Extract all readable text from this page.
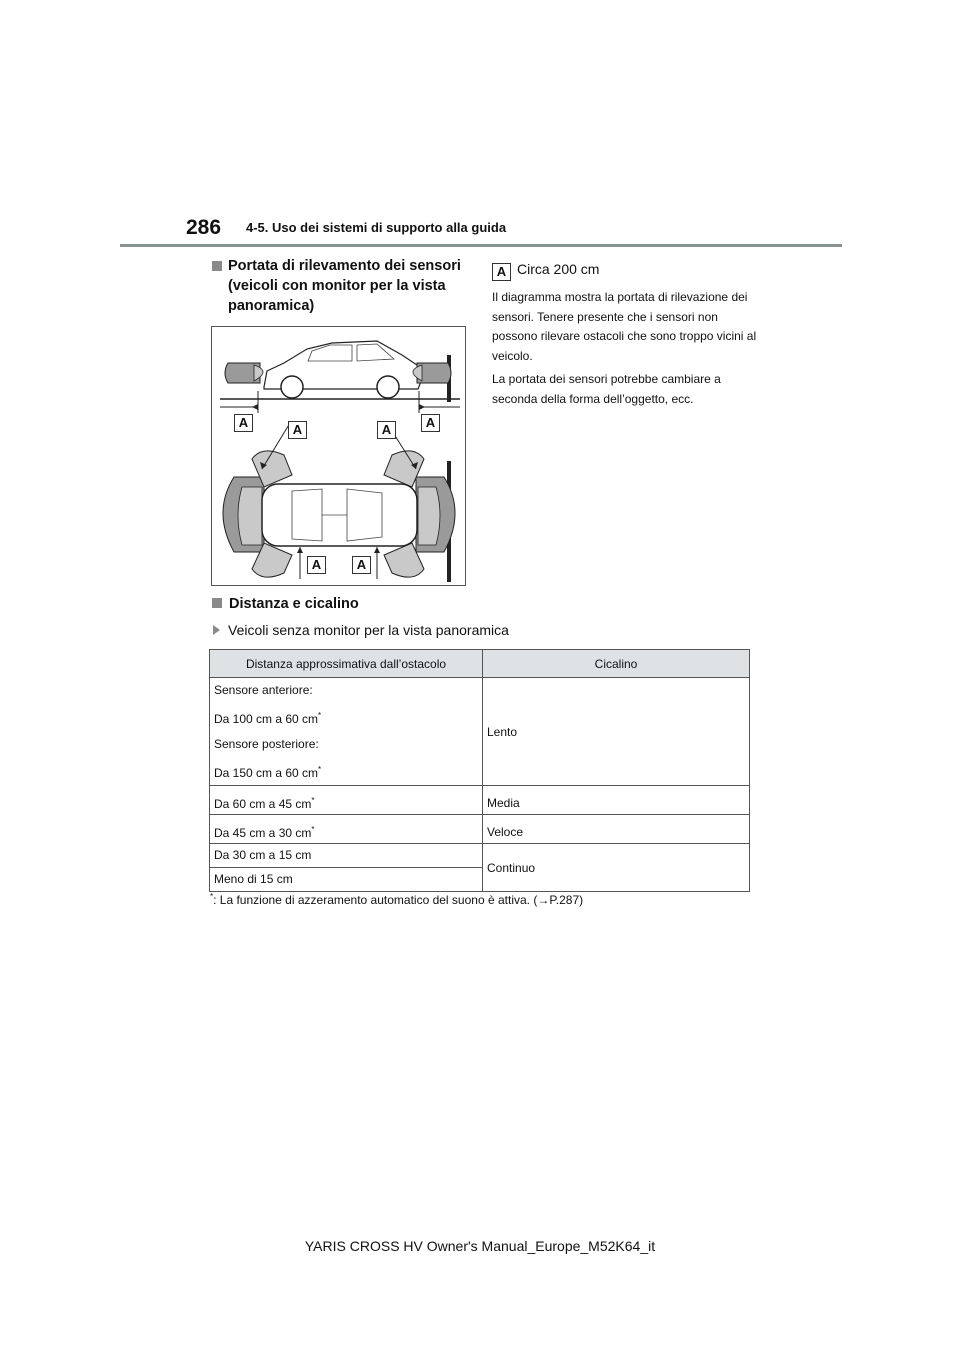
286 4-5. Uso dei sistemi di supporto alla guida
Portata di rilevamento dei sensori (veicoli con monitor per la vista panoramica)
A Circa 200 cm

Il diagramma mostra la portata di rilevazione dei sensori. Tenere presente che i sensori non possono rilevare ostacoli che sono troppo vicini al veicolo.

La portata dei sensori potrebbe cambiare a seconda della forma dell’oggetto, ecc.

A	A	A	A
A	A
Distanza e cicalino
Veicoli senza monitor per la vista panoramica
Distanza approssimativa dall’ostacolo	Cicalino

Sensore anteriore:

Da 100 cm a 60 cm*

Sensore posteriore:

Da 150 cm a 60 cm*	Lento
Da 60 cm a 45 cm*	Media
Da 45 cm a 30 cm*	Veloce
Da 30 cm a 15 cm	Continuo
Meno di 15 cm	
*: La funzione di azzeramento automatico del suono è attiva. (→P.287)
YARIS CROSS HV Owner's Manual_Europe_M52K64_it
